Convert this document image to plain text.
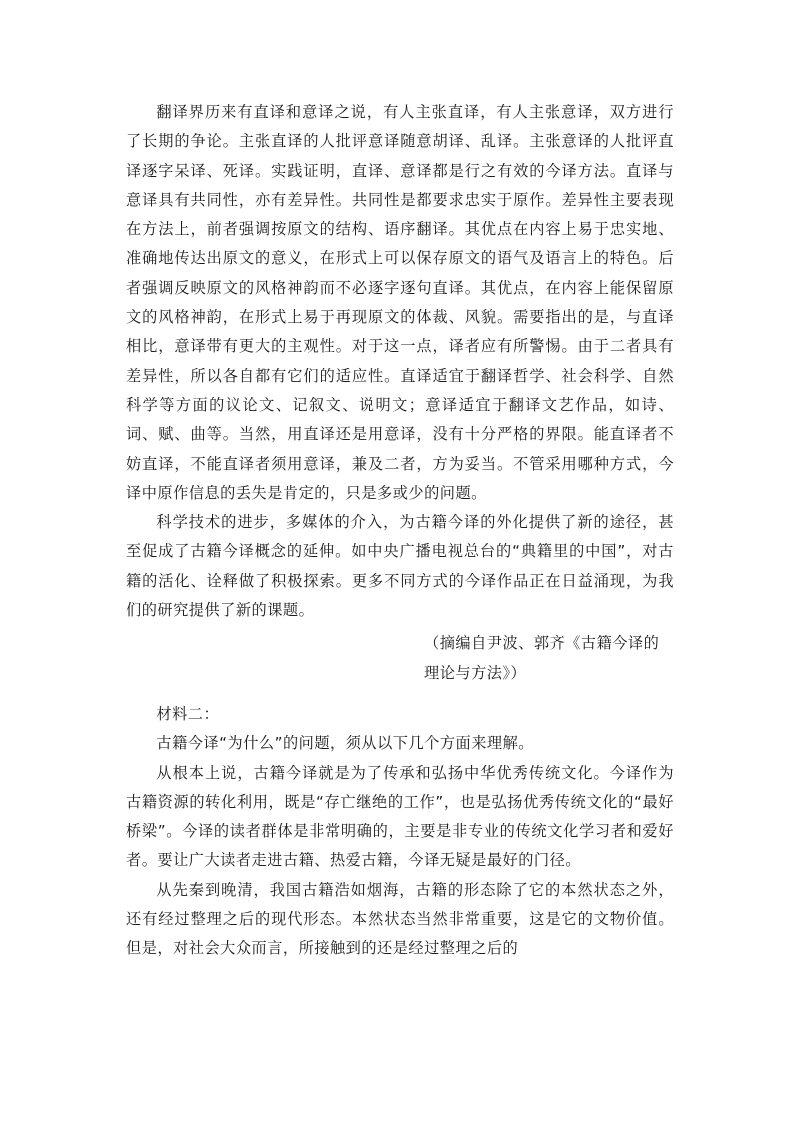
翻译界历来有直译和意译之说，有人主张直译，有人主张意译，双方进行了长期的争论。主张直译的人批评意译随意胡译、乱译。主张意译的人批评直译逐字呆译、死译。实践证明，直译、意译都是行之有效的今译方法。直译与意译具有共同性，亦有差异性。共同性是都要求忠实于原作。差异性主要表现在方法上，前者强调按原文的结构、语序翻译。其优点在内容上易于忠实地、准确地传达出原文的意义，在形式上可以保存原文的语气及语言上的特色。后者强调反映原文的风格神韵而不必逐字逐句直译。其优点，在内容上能保留原文的风格神韵，在形式上易于再现原文的体裁、风貌。需要指出的是，与直译相比，意译带有更大的主观性。对于这一点，译者应有所警惕。由于二者具有差异性，所以各自都有它们的适应性。直译适宜于翻译哲学、社会科学、自然科学等方面的议论文、记叙文、说明文；意译适宜于翻译文艺作品，如诗、词、赋、曲等。当然，用直译还是用意译，没有十分严格的界限。能直译者不妨直译，不能直译者须用意译，兼及二者，方为妥当。不管采用哪种方式，今译中原作信息的丢失是肯定的，只是多或少的问题。

科学技术的进步，多媒体的介入，为古籍今译的外化提供了新的途径，甚至促成了古籍今译概念的延伸。如中央广播电视总台的“典籍里的中国”，对古籍的活化、诠释做了积极探索。更多不同方式的今译作品正在日益涌现，为我们的研究提供了新的课题。

（摘编自尹波、郭齐《古籍今译的理论与方法》）

材料二：

古籍今译“为什么”的问题，须从以下几个方面来理解。

从根本上说，古籍今译就是为了传承和弘扬中华优秀传统文化。今译作为古籍资源的转化利用，既是“存亡继绝的工作”，也是弘扬优秀传统文化的“最好桥梁”。今译的读者群体是非常明确的，主要是非专业的传统文化学习者和爱好者。要让广大读者走进古籍、热爱古籍，今译无疑是最好的门径。

从先秦到晚清，我国古籍浩如烟海，古籍的形态除了它的本然状态之外，还有经过整理之后的现代形态。本然状态当然非常重要，这是它的文物价值。但是，对社会大众而言，所接触到的还是经过整理之后的
